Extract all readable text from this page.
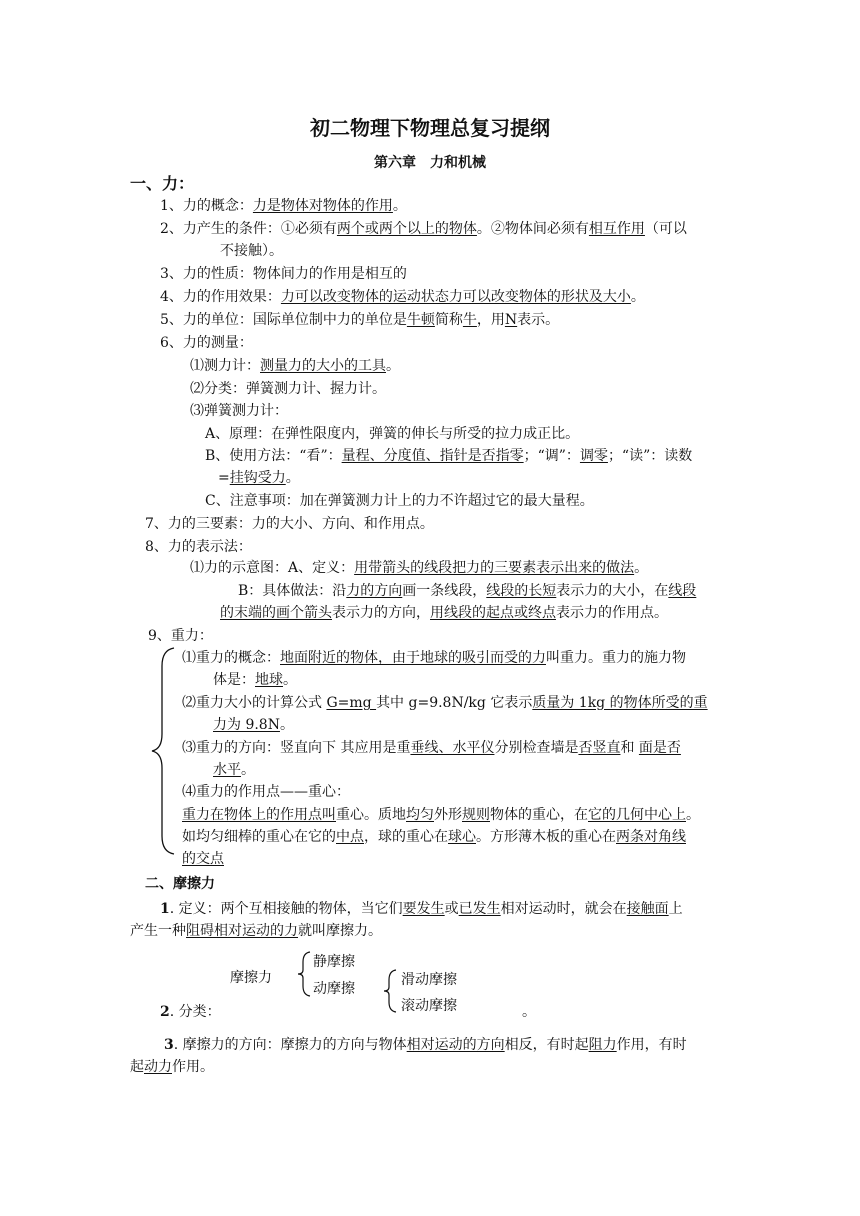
初二物理下物理总复习提纲
第六章　力和机械
一、力：
1、力的概念：力是物体对物体的作用。
2、力产生的条件：①必须有两个或两个以上的物体。②物体间必须有相互作用（可以
不接触）。
3、力的性质：物体间力的作用是相互的
4、力的作用效果：力可以改变物体的运动状态力可以改变物体的形状及大小。
5、力的单位：国际单位制中力的单位是牛顿简称牛，用N表示。
6、力的测量：
⑴测力计：测量力的大小的工具。
⑵分类：弹簧测力计、握力计。
⑶弹簧测力计：
A、原理：在弹性限度内，弹簧的伸长与所受的拉力成正比。
B、使用方法：“看”：量程、分度值、指针是否指零；“调”：调零；“读”：读数
=挂钩受力。
C、注意事项：加在弹簧测力计上的力不许超过它的最大量程。
7、力的三要素：力的大小、方向、和作用点。
8、力的表示法：
⑴力的示意图：A、定义：用带箭头的线段把力的三要素表示出来的做法。
B：具体做法：沿力的方向画一条线段，线段的长短表示力的大小，在线段
的末端的画个箭头表示力的方向，用线段的起点或终点表示力的作用点。
9、重力：
⑴重力的概念：地面附近的物体，由于地球的吸引而受的力叫重力。重力的施力物
体是：地球。
⑵重力大小的计算公式 G=mg 其中 g=9.8N/kg 它表示质量为 1kg 的物体所受的重
力为 9.8N。
⑶重力的方向：竖直向下 其应用是重垂线、水平仪分别检查墙是否竖直和 面是否
水平。
⑷重力的作用点——重心：
重力在物体上的作用点叫重心。质地均匀外形规则物体的重心，在它的几何中心上。
如均匀细棒的重心在它的中点，球的重心在球心。方形薄木板的重心在两条对角线
的交点
二、摩擦力
1. 定义：两个互相接触的物体，当它们要发生或已发生相对运动时，就会在接触面上
产生一种阻碍相对运动的力就叫摩擦力。
摩擦力
静摩擦
动摩擦
滑动摩擦
滚动摩擦
2. 分类：	。
3. 摩擦力的方向：摩擦力的方向与物体相对运动的方向相反，有时起阻力作用，有时
起动力作用。
